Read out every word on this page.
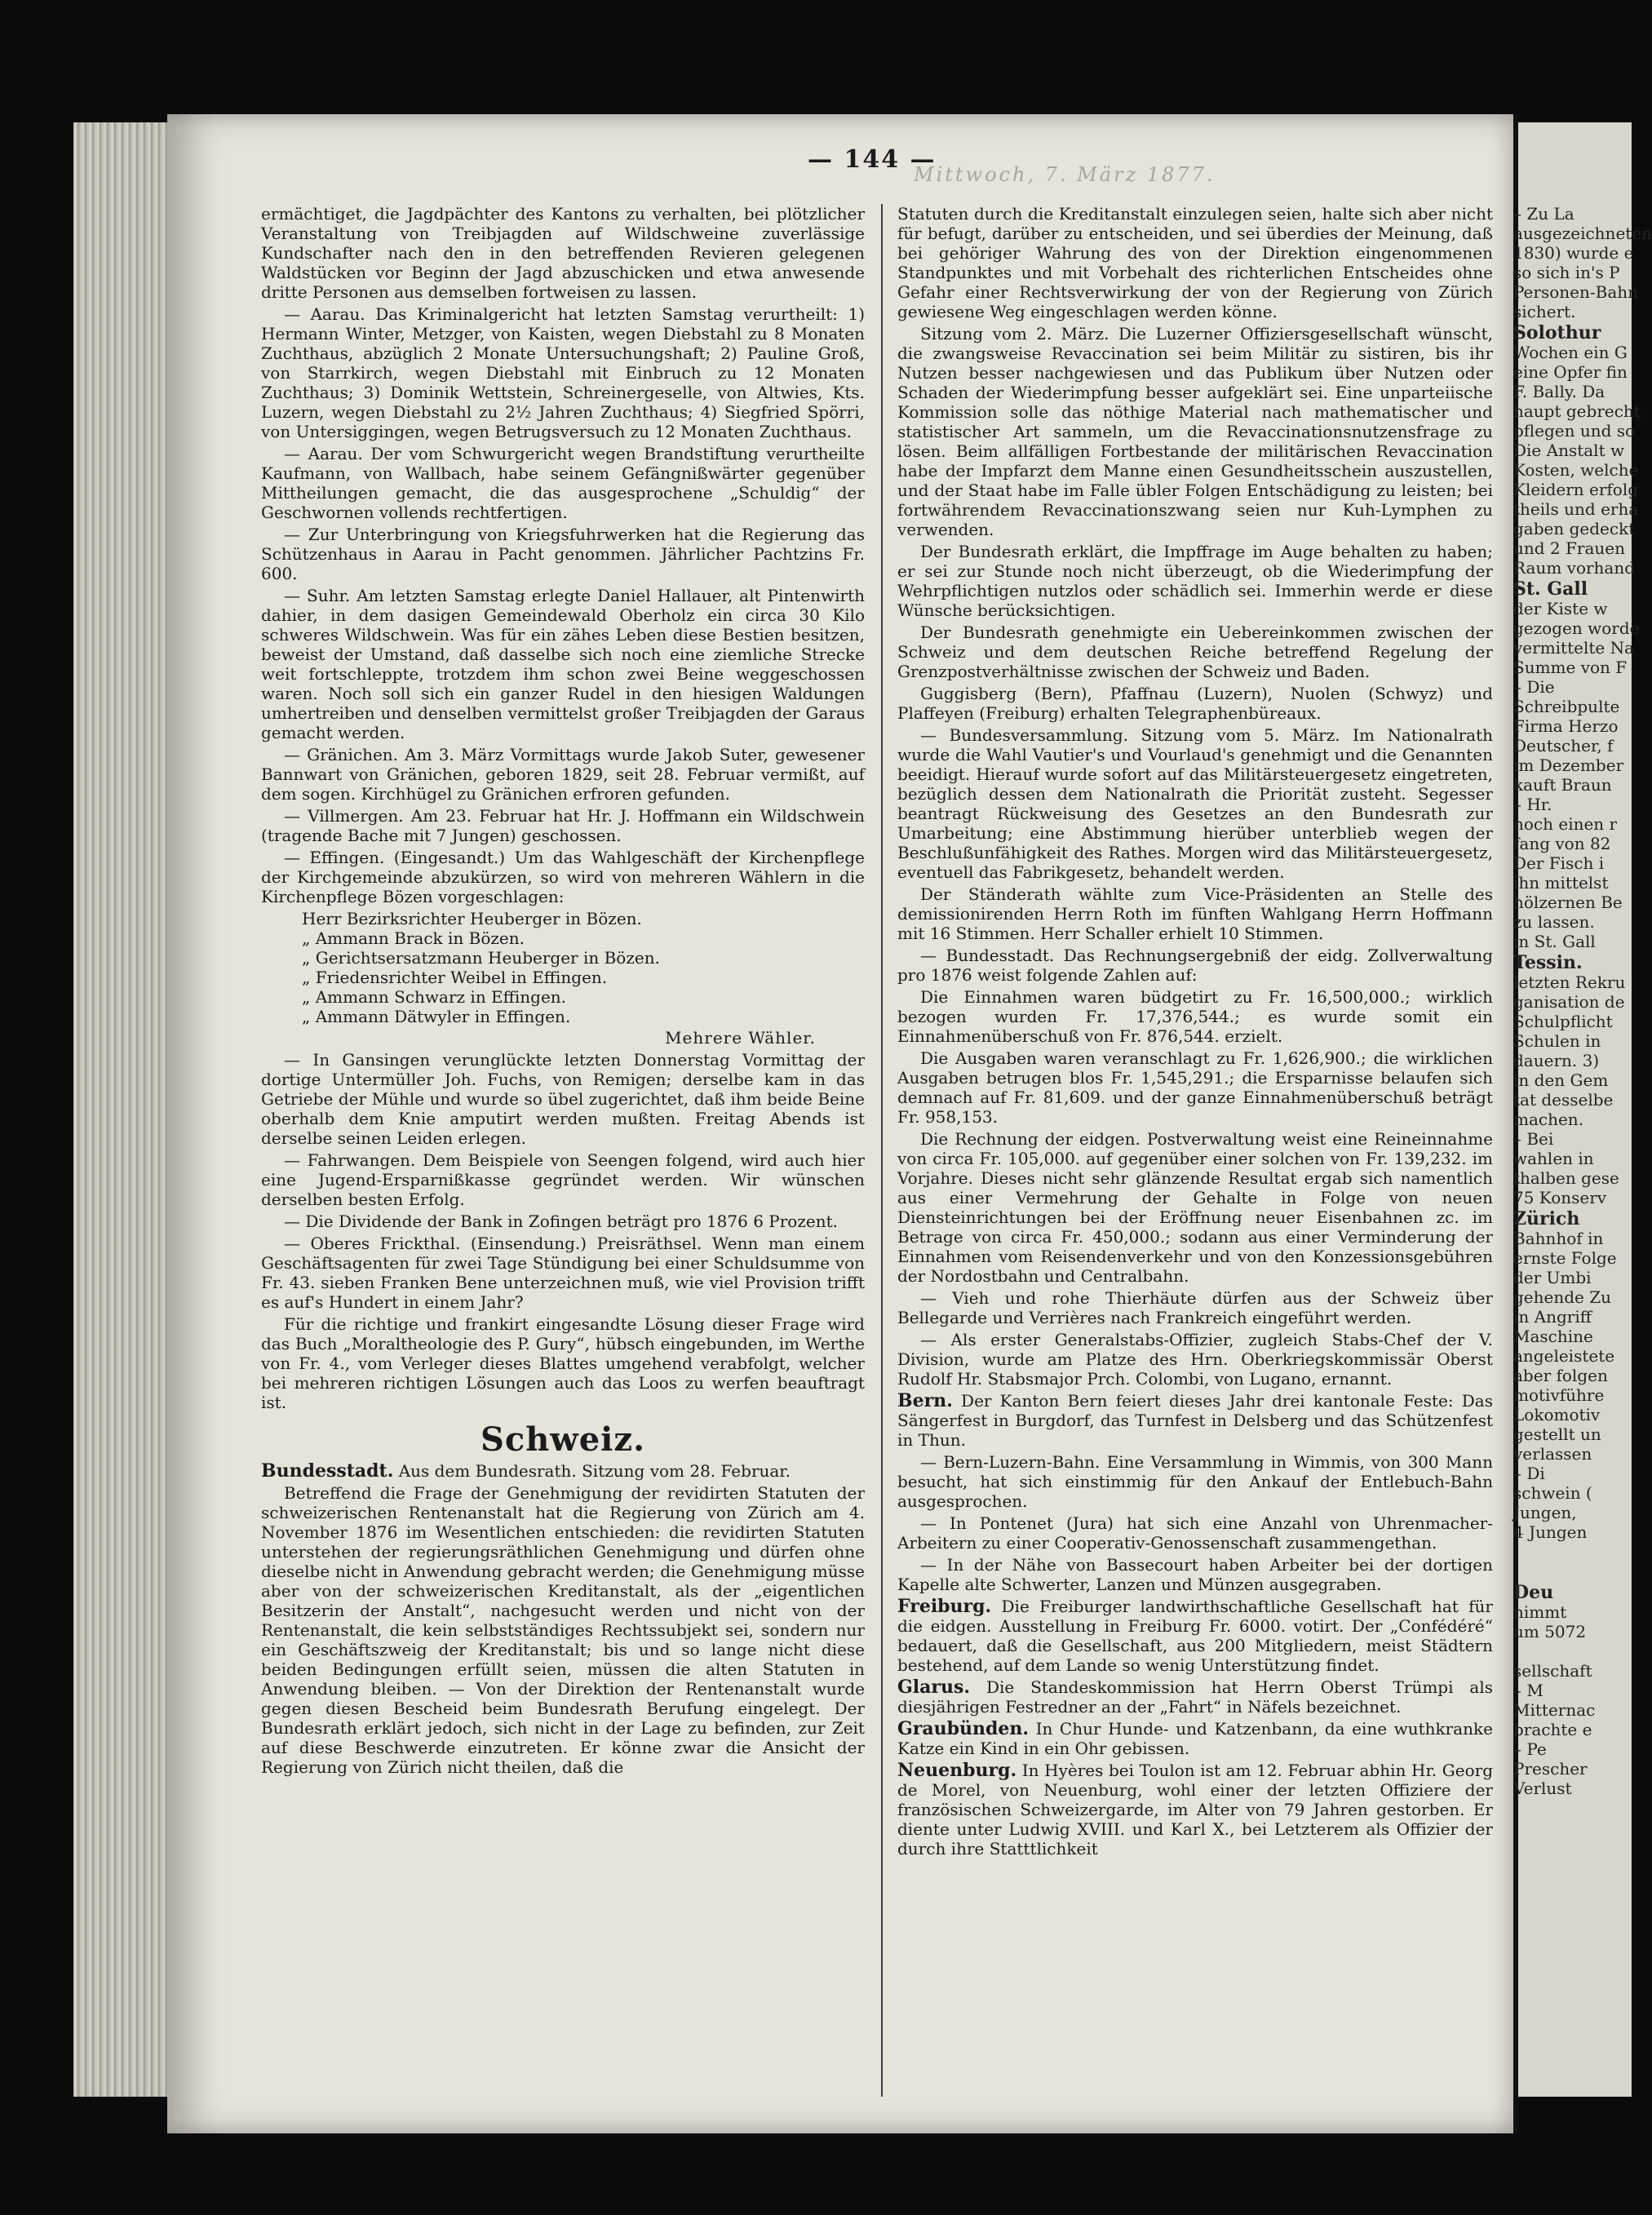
Mittwoch, 7. März 1877.
— 144 —

ermächtiget, die Jagdpächter des Kantons zu verhalten, bei plötzlicher Veranstaltung von Treibjagden auf Wildschweine zuverlässige Kundschafter nach den in den betreffenden Revieren gelegenen Waldstücken vor Beginn der Jagd abzuschicken und etwa anwesende dritte Personen aus demselben fortweisen zu lassen.

— Aarau. Das Kriminalgericht hat letzten Samstag verurtheilt: 1) Hermann Winter, Metzger, von Kaisten, wegen Diebstahl zu 8 Monaten Zuchthaus, abzüglich 2 Monate Untersuchungshaft; 2) Pauline Groß, von Starrkirch, wegen Diebstahl mit Einbruch zu 12 Monaten Zuchthaus; 3) Dominik Wettstein, Schreinergeselle, von Altwies, Kts. Luzern, wegen Diebstahl zu 2½ Jahren Zuchthaus; 4) Siegfried Spörri, von Untersiggingen, wegen Betrugsversuch zu 12 Monaten Zuchthaus.

— Aarau. Der vom Schwurgericht wegen Brandstiftung verurtheilte Kaufmann, von Wallbach, habe seinem Gefängnißwärter gegenüber Mittheilungen gemacht, die das ausgesprochene „Schuldig“ der Geschwornen vollends rechtfertigen.

— Zur Unterbringung von Kriegsfuhrwerken hat die Regierung das Schützenhaus in Aarau in Pacht genommen. Jährlicher Pachtzins Fr. 600.

— Suhr. Am letzten Samstag erlegte Daniel Hallauer, alt Pintenwirth dahier, in dem dasigen Gemeindewald Oberholz ein circa 30 Kilo schweres Wildschwein. Was für ein zähes Leben diese Bestien besitzen, beweist der Umstand, daß dasselbe sich noch eine ziemliche Strecke weit fortschleppte, trotzdem ihm schon zwei Beine weggeschossen waren. Noch soll sich ein ganzer Rudel in den hiesigen Waldungen umhertreiben und denselben vermittelst großer Treibjagden der Garaus gemacht werden.

— Gränichen. Am 3. März Vormittags wurde Jakob Suter, gewesener Bannwart von Gränichen, geboren 1829, seit 28. Februar vermißt, auf dem sogen. Kirchhügel zu Gränichen erfroren gefunden.

— Villmergen. Am 23. Februar hat Hr. J. Hoffmann ein Wildschwein (tragende Bache mit 7 Jungen) geschossen.

— Effingen. (Eingesandt.) Um das Wahlgeschäft der Kirchenpflege der Kirchgemeinde abzukürzen, so wird von mehreren Wählern in die Kirchenpflege Bözen vorgeschlagen:

Herr Bezirksrichter Heuberger in Bözen.
„ Ammann Brack in Bözen.
„ Gerichtsersatzmann Heuberger in Bözen.
„ Friedensrichter Weibel in Effingen.
„ Ammann Schwarz in Effingen.
„ Ammann Dätwyler in Effingen.

Mehrere Wähler.

— In Gansingen verunglückte letzten Donnerstag Vormittag der dortige Untermüller Joh. Fuchs, von Remigen; derselbe kam in das Getriebe der Mühle und wurde so übel zugerichtet, daß ihm beide Beine oberhalb dem Knie amputirt werden mußten. Freitag Abends ist derselbe seinen Leiden erlegen.

— Fahrwangen. Dem Beispiele von Seengen folgend, wird auch hier eine Jugend-Ersparnißkasse gegründet werden. Wir wünschen derselben besten Erfolg.

— Die Dividende der Bank in Zofingen beträgt pro 1876 6 Prozent.

— Oberes Frickthal. (Einsendung.) Preisräthsel. Wenn man einem Geschäftsagenten für zwei Tage Stündigung bei einer Schuldsumme von Fr. 43. sieben Franken Bene unterzeichnen muß, wie viel Provision trifft es auf's Hundert in einem Jahr?

Für die richtige und frankirt eingesandte Lösung dieser Frage wird das Buch „Moraltheologie des P. Gury“, hübsch eingebunden, im Werthe von Fr. 4., vom Verleger dieses Blattes umgehend verabfolgt, welcher bei mehreren richtigen Lösungen auch das Loos zu werfen beauftragt ist.

Schweiz.

Bundesstadt. Aus dem Bundesrath. Sitzung vom 28. Februar.

Betreffend die Frage der Genehmigung der revidirten Statuten der schweizerischen Rentenanstalt hat die Regierung von Zürich am 4. November 1876 im Wesentlichen entschieden: die revidirten Statuten unterstehen der regierungsräthlichen Genehmigung und dürfen ohne dieselbe nicht in Anwendung gebracht werden; die Genehmigung müsse aber von der schweizerischen Kreditanstalt, als der „eigentlichen Besitzerin der Anstalt“, nachgesucht werden und nicht von der Rentenanstalt, die kein selbstständiges Rechtssubjekt sei, sondern nur ein Geschäftszweig der Kreditanstalt; bis und so lange nicht diese beiden Bedingungen erfüllt seien, müssen die alten Statuten in Anwendung bleiben. — Von der Direktion der Rentenanstalt wurde gegen diesen Bescheid beim Bundesrath Berufung eingelegt. Der Bundesrath erklärt jedoch, sich nicht in der Lage zu befinden, zur Zeit auf diese Beschwerde einzutreten. Er könne zwar die Ansicht der Regierung von Zürich nicht theilen, daß die

Statuten durch die Kreditanstalt einzulegen seien, halte sich aber nicht für befugt, darüber zu entscheiden, und sei überdies der Meinung, daß bei gehöriger Wahrung des von der Direktion eingenommenen Standpunktes und mit Vorbehalt des richterlichen Entscheides ohne Gefahr einer Rechtsverwirkung der von der Regierung von Zürich gewiesene Weg eingeschlagen werden könne.

Sitzung vom 2. März. Die Luzerner Offiziersgesellschaft wünscht, die zwangsweise Revaccination sei beim Militär zu sistiren, bis ihr Nutzen besser nachgewiesen und das Publikum über Nutzen oder Schaden der Wiederimpfung besser aufgeklärt sei. Eine unparteiische Kommission solle das nöthige Material nach mathematischer und statistischer Art sammeln, um die Revaccinationsnutzensfrage zu lösen. Beim allfälligen Fortbestande der militärischen Revaccination habe der Impfarzt dem Manne einen Gesundheitsschein auszustellen, und der Staat habe im Falle übler Folgen Entschädigung zu leisten; bei fortwährendem Revaccinationszwang seien nur Kuh-Lymphen zu verwenden.

Der Bundesrath erklärt, die Impffrage im Auge behalten zu haben; er sei zur Stunde noch nicht überzeugt, ob die Wiederimpfung der Wehrpflichtigen nutzlos oder schädlich sei. Immerhin werde er diese Wünsche berücksichtigen.

Der Bundesrath genehmigte ein Uebereinkommen zwischen der Schweiz und dem deutschen Reiche betreffend Regelung der Grenzpostverhältnisse zwischen der Schweiz und Baden.

Guggisberg (Bern), Pfaffnau (Luzern), Nuolen (Schwyz) und Plaffeyen (Freiburg) erhalten Telegraphenbüreaux.

— Bundesversammlung. Sitzung vom 5. März. Im Nationalrath wurde die Wahl Vautier's und Vourlaud's genehmigt und die Genannten beeidigt. Hierauf wurde sofort auf das Militärsteuergesetz eingetreten, bezüglich dessen dem Nationalrath die Priorität zusteht. Segesser beantragt Rückweisung des Gesetzes an den Bundesrath zur Umarbeitung; eine Abstimmung hierüber unterblieb wegen der Beschlußunfähigkeit des Rathes. Morgen wird das Militärsteuergesetz, eventuell das Fabrikgesetz, behandelt werden.

Der Ständerath wählte zum Vice-Präsidenten an Stelle des demissionirenden Herrn Roth im fünften Wahlgang Herrn Hoffmann mit 16 Stimmen. Herr Schaller erhielt 10 Stimmen.

— Bundesstadt. Das Rechnungsergebniß der eidg. Zollverwaltung pro 1876 weist folgende Zahlen auf:

Die Einnahmen waren büdgetirt zu Fr. 16,500,000.; wirklich bezogen wurden Fr. 17,376,544.; es wurde somit ein Einnahmenüberschuß von Fr. 876,544. erzielt.

Die Ausgaben waren veranschlagt zu Fr. 1,626,900.; die wirklichen Ausgaben betrugen blos Fr. 1,545,291.; die Ersparnisse belaufen sich demnach auf Fr. 81,609. und der ganze Einnahmenüberschuß beträgt Fr. 958,153.

Die Rechnung der eidgen. Postverwaltung weist eine Reineinnahme von circa Fr. 105,000. auf gegenüber einer solchen von Fr. 139,232. im Vorjahre. Dieses nicht sehr glänzende Resultat ergab sich namentlich aus einer Vermehrung der Gehalte in Folge von neuen Diensteinrichtungen bei der Eröffnung neuer Eisenbahnen zc. im Betrage von circa Fr. 450,000.; sodann aus einer Verminderung der Einnahmen vom Reisendenverkehr und von den Konzessionsgebühren der Nordostbahn und Centralbahn.

— Vieh und rohe Thierhäute dürfen aus der Schweiz über Bellegarde und Verrières nach Frankreich eingeführt werden.

— Als erster Generalstabs-Offizier, zugleich Stabs-Chef der V. Division, wurde am Platze des Hrn. Oberkriegskommissär Oberst Rudolf Hr. Stabsmajor Prch. Colombi, von Lugano, ernannt.

Bern. Der Kanton Bern feiert dieses Jahr drei kantonale Feste: Das Sängerfest in Burgdorf, das Turnfest in Delsberg und das Schützenfest in Thun.

— Bern-Luzern-Bahn. Eine Versammlung in Wimmis, von 300 Mann besucht, hat sich einstimmig für den Ankauf der Entlebuch-Bahn ausgesprochen.

— In Pontenet (Jura) hat sich eine Anzahl von Uhrenmacher-Arbeitern zu einer Cooperativ-Genossenschaft zusammengethan.

— In der Nähe von Bassecourt haben Arbeiter bei der dortigen Kapelle alte Schwerter, Lanzen und Münzen ausgegraben.

Freiburg. Die Freiburger landwirthschaftliche Gesellschaft hat für die eidgen. Ausstellung in Freiburg Fr. 6000. votirt. Der „Confédéré“ bedauert, daß die Gesellschaft, aus 200 Mitgliedern, meist Städtern bestehend, auf dem Lande so wenig Unterstützung findet.

Glarus. Die Standeskommission hat Herrn Oberst Trümpi als diesjährigen Festredner an der „Fahrt“ in Näfels bezeichnet.

Graubünden. In Chur Hunde- und Katzenbann, da eine wuthkranke Katze ein Kind in ein Ohr gebissen.

Neuenburg. In Hyères bei Toulon ist am 12. Februar abhin Hr. Georg de Morel, von Neuenburg, wohl einer der letzten Offiziere der französischen Schweizergarde, im Alter von 79 Jahren gestorben. Er diente unter Ludwig XVIII. und Karl X., bei Letzterem als Offizier der durch ihre Statttlichkeit

– Zu La
ausgezeichneten
1830) wurde e
so sich in's P
Personen-Bahn
sichert.
Solothur
Wochen ein G
eine Opfer fin
F. Bally. Da
haupt gebrecht
pflegen und so
Die Anstalt w
Kosten, welche
Kleidern erfolg
theils und erha
gaben gedeckt
und 2 Frauen
Raum vorhand
St. Gall
der Kiste w
gezogen worde
vermittelte Na
Summe von F
– Die
Schreibpulte
Firma Herzo
Deutscher, f
im Dezember
kauft Braun
– Hr.
noch einen r
fang von 82
Der Fisch i
ihn mittelst
hölzernen Be
zu lassen.
in St. Gall
Tessin.
letzten Rekru
ganisation de
Schulpflicht
Schulen in
dauern. 3)
in den Gem
tat desselbe
machen.
– Bei
wahlen in
thalben gese
75 Konserv
Zürich
Bahnhof in
ernste Folge
der Umbi
gehende Zu
in Angriff
Maschine
angeleistete
aber folgen
motivführe
Lokomotiv
gestellt un
verlassen
– Di
schwein (
Jungen,
4 Jungen

Deu
nimmt
um 5072

sellschaft
– M
Mitternac
brachte e
– Pe
Prescher
Verlust
